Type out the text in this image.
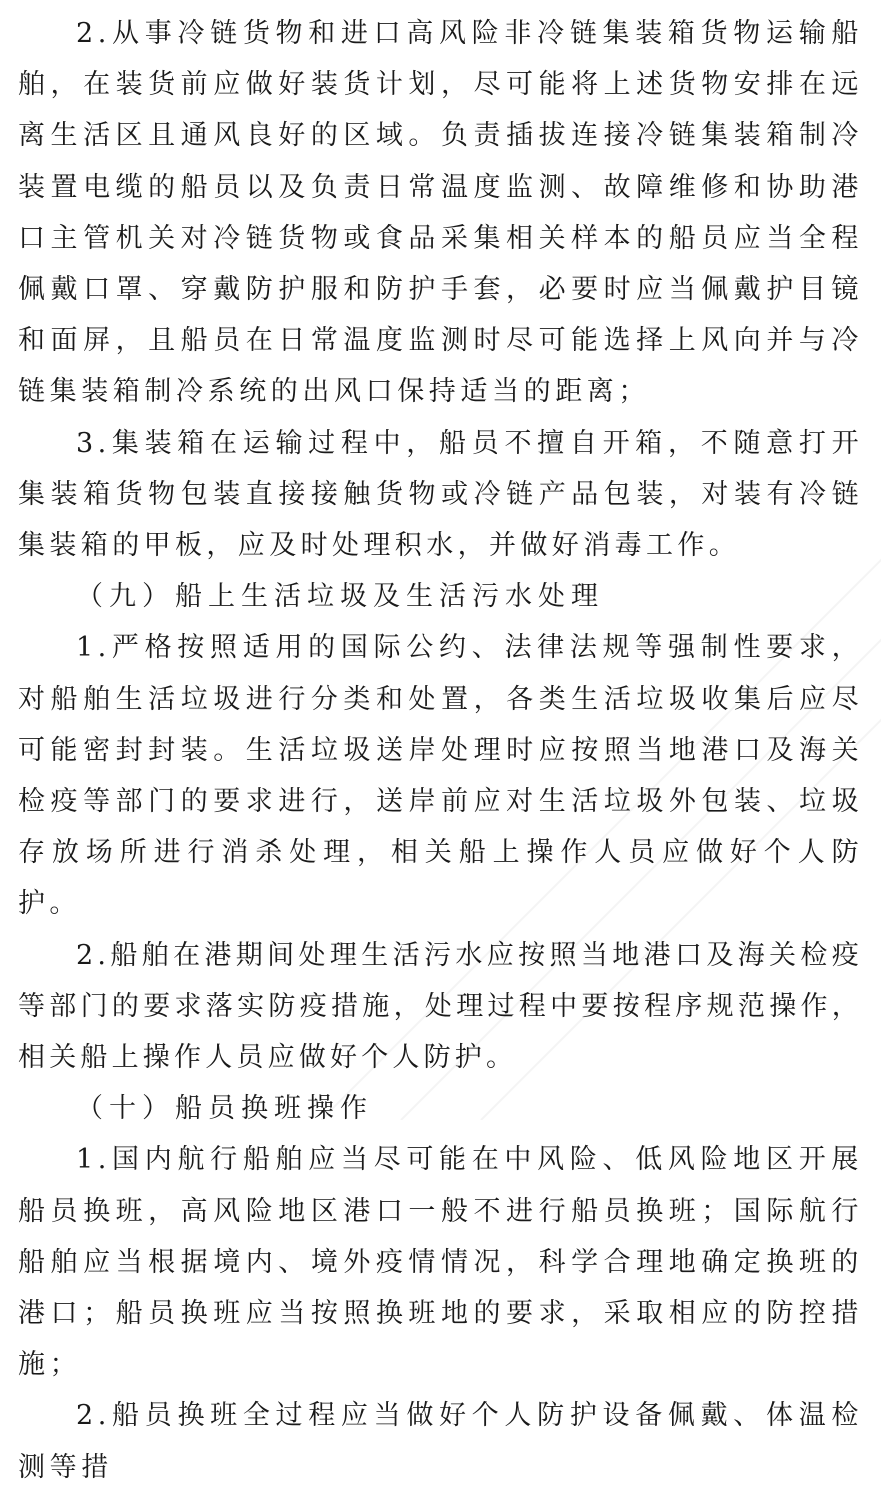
2.从事冷链货物和进口高风险非冷链集装箱货物运输船舶，在装货前应做好装货计划，尽可能将上述货物安排在远离生活区且通风良好的区域。负责插拔连接冷链集装箱制冷装置电缆的船员以及负责日常温度监测、故障维修和协助港口主管机关对冷链货物或食品采集相关样本的船员应当全程佩戴口罩、穿戴防护服和防护手套，必要时应当佩戴护目镜和面屏，且船员在日常温度监测时尽可能选择上风向并与冷链集装箱制冷系统的出风口保持适当的距离；

3.集装箱在运输过程中，船员不擅自开箱，不随意打开集装箱货物包装直接接触货物或冷链产品包装，对装有冷链集装箱的甲板，应及时处理积水，并做好消毒工作。

（九）船上生活垃圾及生活污水处理

1.严格按照适用的国际公约、法律法规等强制性要求，对船舶生活垃圾进行分类和处置，各类生活垃圾收集后应尽可能密封封装。生活垃圾送岸处理时应按照当地港口及海关检疫等部门的要求进行，送岸前应对生活垃圾外包装、垃圾存放场所进行消杀处理，相关船上操作人员应做好个人防护。

2.船舶在港期间处理生活污水应按照当地港口及海关检疫等部门的要求落实防疫措施，处理过程中要按程序规范操作，相关船上操作人员应做好个人防护。

（十）船员换班操作

1.国内航行船舶应当尽可能在中风险、低风险地区开展船员换班，高风险地区港口一般不进行船员换班；国际航行船舶应当根据境内、境外疫情情况，科学合理地确定换班的港口；船员换班应当按照换班地的要求，采取相应的防控措施；

2.船员换班全过程应当做好个人防护设备佩戴、体温检测等措
